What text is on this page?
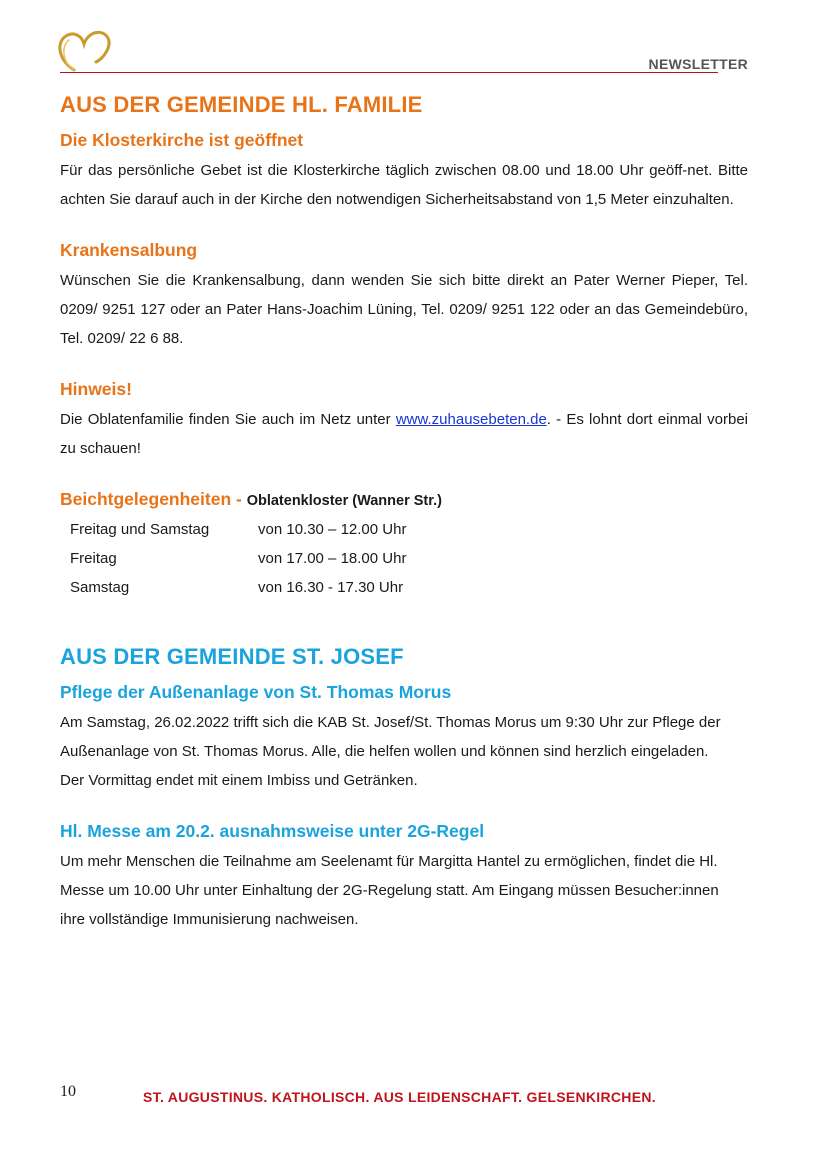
NEWSLETTER
AUS DER GEMEINDE HL. FAMILIE
Die Klosterkirche ist geöffnet

Für das persönliche Gebet ist die Klosterkirche täglich zwischen 08.00 und 18.00 Uhr geöff-net. Bitte achten Sie darauf auch in der Kirche den notwendigen Sicherheitsabstand von 1,5 Meter einzuhalten.

Krankensalbung

Wünschen Sie die Krankensalbung, dann wenden Sie sich bitte direkt an Pater Werner Pieper, Tel. 0209/ 9251 127 oder an Pater Hans-Joachim Lüning, Tel. 0209/ 9251 122 oder an das Gemeindebüro, Tel. 0209/ 22 6 88.

Hinweis!

Die Oblatenfamilie finden Sie auch im Netz unter www.zuhausebeten.de. - Es lohnt dort einmal vorbei zu schauen!

Beichtgelegenheiten - Oblatenkloster (Wanner Str.)

Freitag und Samstag	von 10.30 – 12.00 Uhr
Freitag	von 17.00 – 18.00 Uhr
Samstag	von 16.30 - 17.30 Uhr
AUS DER GEMEINDE ST. JOSEF
Pflege der Außenanlage von St. Thomas Morus

Am Samstag, 26.02.2022 trifft sich die KAB St. Josef/St. Thomas Morus um 9:30 Uhr zur Pflege der Außenanlage von St. Thomas Morus. Alle, die helfen wollen und können sind herzlich eingeladen. Der Vormittag endet mit einem Imbiss und Getränken.

Hl. Messe am 20.2. ausnahmsweise unter 2G-Regel

Um mehr Menschen die Teilnahme am Seelenamt für Margitta Hantel zu ermöglichen, findet die Hl. Messe um 10.00 Uhr unter Einhaltung der 2G-Regelung statt. Am Eingang müssen Besucher:innen ihre vollständige Immunisierung nachweisen.

10	ST. AUGUSTINUS. KATHOLISCH. AUS LEIDENSCHAFT. GELSENKIRCHEN.
